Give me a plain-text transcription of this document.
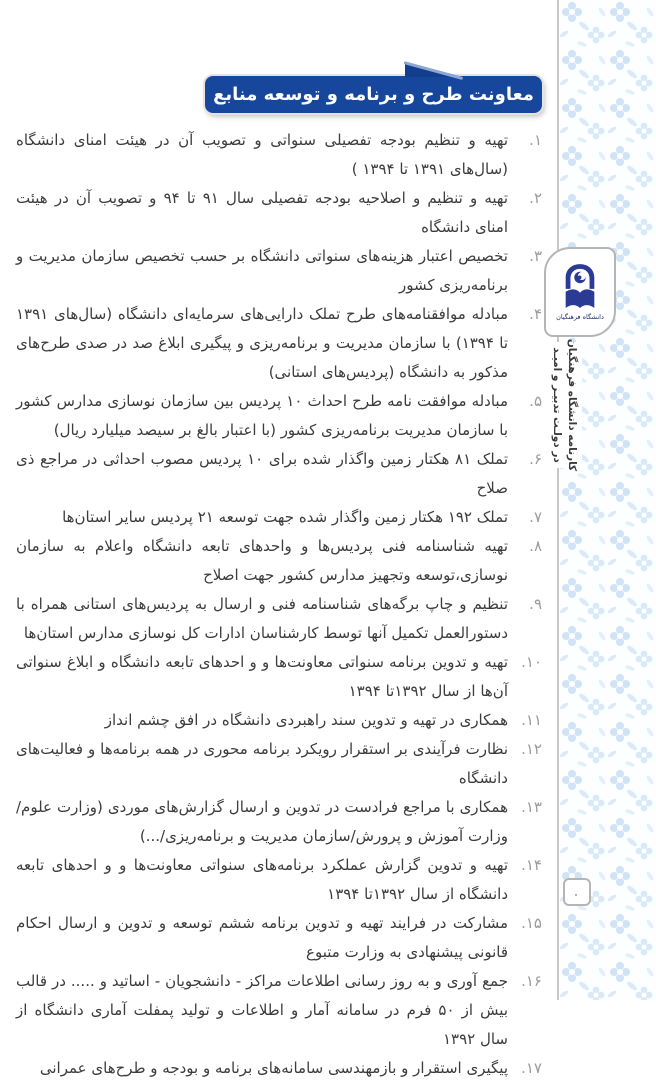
معاونت طرح و برنامه و توسعه منابع
دانشگاه فرهنگیان
کارنامه دانشگاه فرهنگیان
در دولـت تدبیـر و امیـد
۱.
تهیه و تنظیم بودجه تفصیلی سنواتی و تصویب آن در هیئت امنای دانشگاه (سال‌های ۱۳۹۱ تا ۱۳۹۴ )
۲.
تهیه و تنظیم و اصلاحیه بودجه تفصیلی سال ۹۱ تا ۹۴ و تصویب آن در هیئت امنای دانشگاه
۳.
تخصیص اعتبار هزینه‌های سنواتی دانشگاه بر حسب تخصیص سازمان مدیریت و برنامه‌ریزی کشور
۴.
مبادله موافقنامه‌های طرح تملک دارایی‌های سرمایه‌ای دانشگاه (سال‌های ۱۳۹۱ تا ۱۳۹۴) با سازمان مدیریت و برنامه‌ریزی و پیگیری ابلاغ صد در صدی طرح‌های مذکور به دانشگاه (پردیس‌های استانی)
۵.
مبادله موافقت نامه طرح احداث ۱۰ پردیس بین سازمان نوسازی مدارس کشور با سازمان مدیریت برنامه‌ریزی کشور (با اعتبار بالغ بر سیصد میلیارد ریال)
۶.
تملک ۸۱ هکتار زمین واگذار شده برای ۱۰ پردیس مصوب احداثی در مراجع ذی صلاح
۷.
تملک ۱۹۲ هکتار زمین واگذار شده جهت توسعه ۲۱ پردیس سایر استان‌ها
۸.
تهیه شناسنامه فنی پردیس‌ها و واحدهای تابعه دانشگاه واعلام به سازمان نوسازی،توسعه وتجهیز مدارس کشور جهت اصلاح
۹.
تنظیم و چاپ برگه‌های شناسنامه فنی و ارسال به پردیس‌های استانی همراه با دستورالعمل تکمیل آنها توسط کارشناسان ادارات کل نوسازی مدارس استان‌ها
۱۰.
تهیه و تدوین برنامه سنواتی معاونت‌ها و و احدهای تابعه دانشگاه و ابلاغ سنواتی آن‌ها از سال ۱۳۹۲تا ۱۳۹۴
۱۱.
همکاری در تهیه و تدوین سند راهبردی دانشگاه در افق چشم انداز
۱۲.
نظارت فرآیندی بر استقرار رویکرد برنامه محوری در همه برنامه‌ها و فعالیت‌های دانشگاه
۱۳.
همکاری با مراجع فرادست در تدوین و ارسال گزارش‌های موردی (وزارت علوم/وزارت آموزش و پرورش/سازمان مدیریت و برنامه‌ریزی/...)
۱۴.
تهیه و تدوین گزارش عملکرد برنامه‌های سنواتی معاونت‌ها و و احدهای تابعه دانشگاه از سال ۱۳۹۲تا ۱۳۹۴
۱۵.
مشارکت در فرایند تهیه و تدوین برنامه ششم توسعه و تدوین و ارسال احکام قانونی پیشنهادی به وزارت متبوع
۱۶.
جمع آوری و به روز رسانی اطلاعات مراکز - دانشجویان - اساتید و ..... در قالب بیش از ۵۰ فرم در سامانه آمار و اطلاعات و تولید پمفلت آماری دانشگاه از سال ۱۳۹۲
۱۷.
پیگیری استقرار و بازمهندسی سامانه‌های برنامه و بودجه و طرح‌های عمرانی
